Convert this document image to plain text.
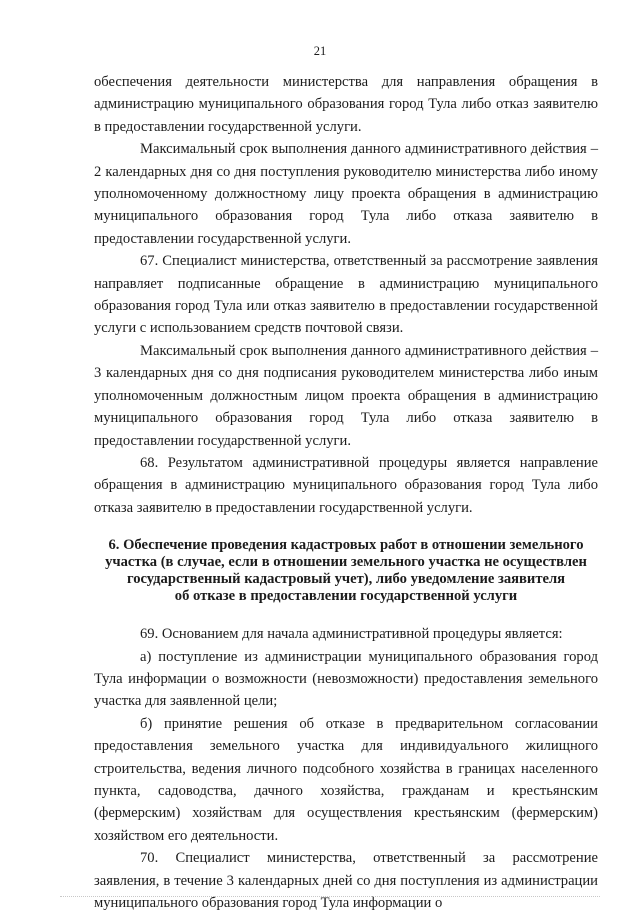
21

обеспечения деятельности министерства для направления обращения в администрацию муниципального образования город Тула либо отказ заявителю в предоставлении государственной услуги.

Максимальный срок выполнения данного административного действия – 2 календарных дня со дня поступления руководителю министерства либо иному уполномоченному должностному лицу проекта обращения в администрацию муниципального образования город Тула либо отказа заявителю в предоставлении государственной услуги.

67. Специалист министерства, ответственный за рассмотрение заявления направляет подписанные обращение в администрацию муниципального образования город Тула или отказ заявителю в предоставлении государственной услуги с использованием средств почтовой связи.

Максимальный срок выполнения данного административного действия – 3 календарных дня со дня подписания руководителем министерства либо иным уполномоченным должностным лицом проекта обращения в администрацию муниципального образования город Тула либо отказа заявителю в предоставлении государственной услуги.

68. Результатом административной процедуры является направление обращения в администрацию муниципального образования город Тула либо отказа заявителю в предоставлении государственной услуги.

6. Обеспечение проведения кадастровых работ в отношении земельного
участка (в случае, если в отношении земельного участка не осуществлен
государственный кадастровый учет), либо уведомление заявителя
об отказе в предоставлении государственной услуги

69. Основанием для начала административной процедуры является:

а) поступление из администрации муниципального образования город Тула информации о возможности (невозможности) предоставления земельного участка для заявленной цели;

б) принятие решения об отказе в предварительном согласовании предоставления земельного участка для индивидуального жилищного строительства, ведения личного подсобного хозяйства в границах населенного пункта, садоводства, дачного хозяйства, гражданам и крестьянским (фермерским) хозяйствам для осуществления крестьянским (фермерским) хозяйством его деятельности.

70. Специалист министерства, ответственный за рассмотрение заявления, в течение 3 календарных дней со дня поступления из администрации муниципального образования город Тула информации о
